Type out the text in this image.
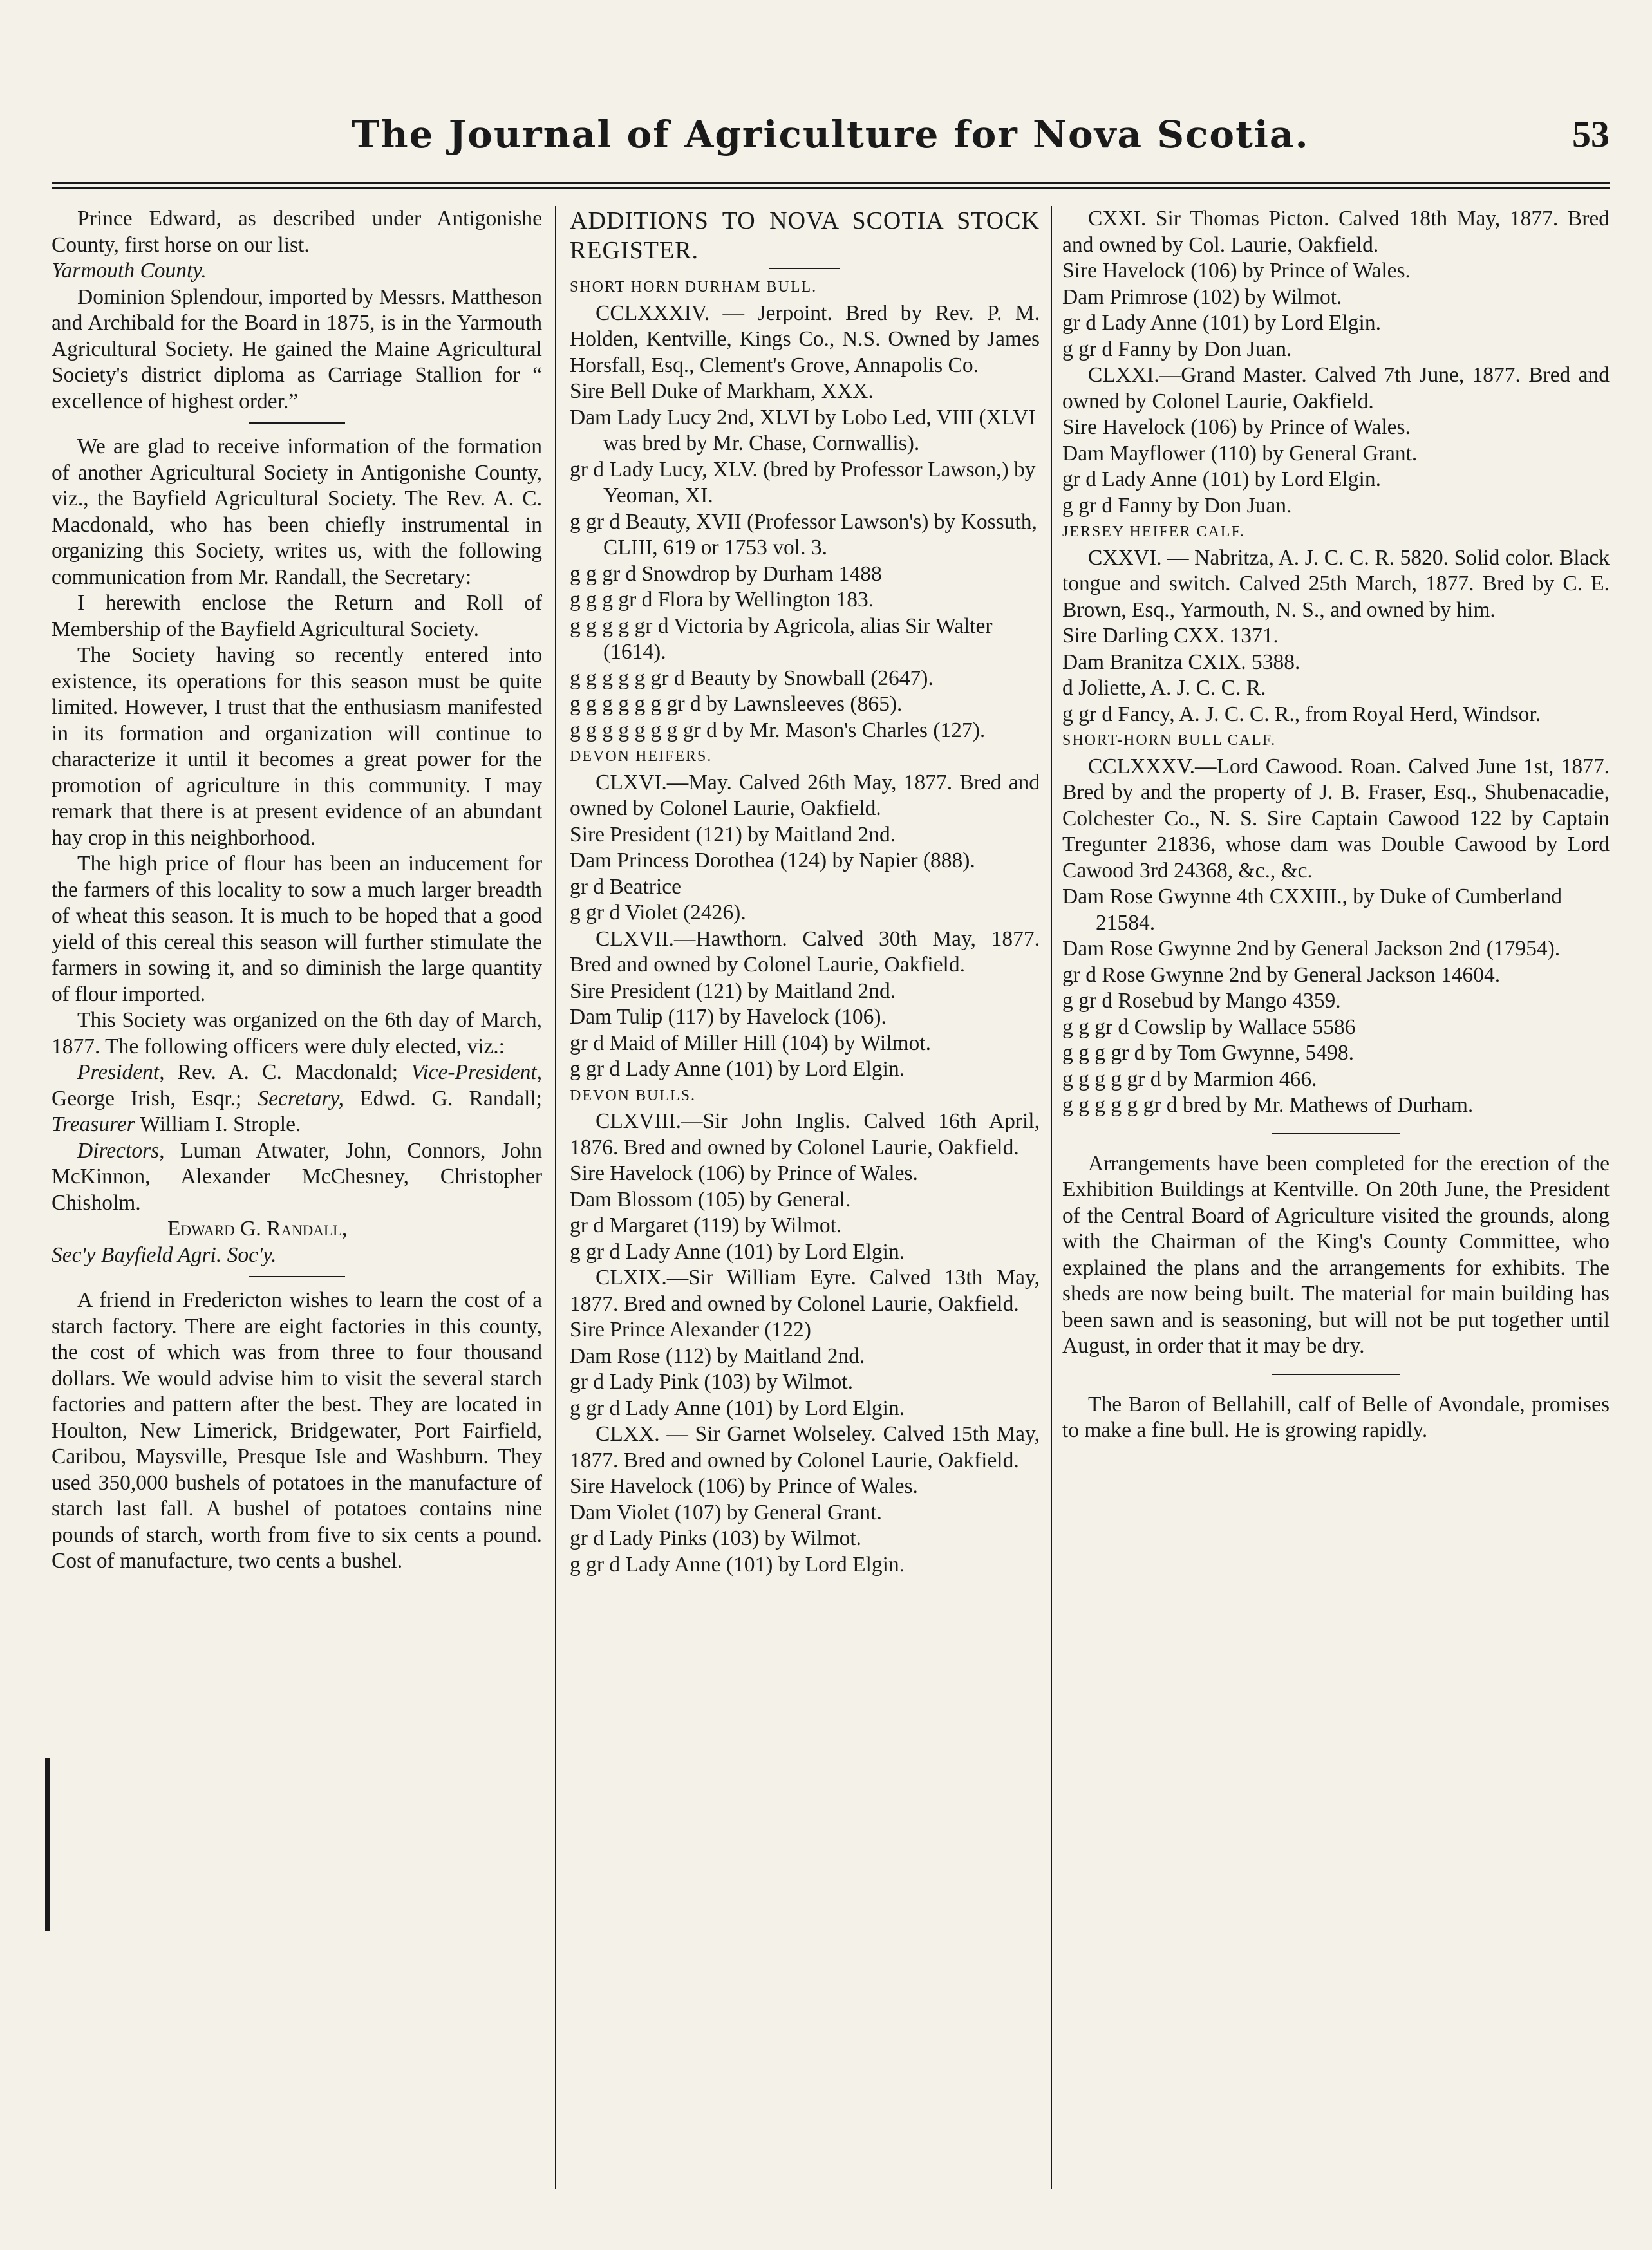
The Journal of Agriculture for Nova Scotia.	53

Prince Edward, as described under Antigonishe County, first horse on our list.

Yarmouth County.

Dominion Splendour, imported by Messrs. Mattheson and Archibald for the Board in 1875, is in the Yarmouth Agricultural Society. He gained the Maine Agricultural Society's district diploma as Carriage Stallion for “ excellence of highest order.”

We are glad to receive information of the formation of another Agricultural Society in Antigonishe County, viz., the Bayfield Agricultural Society. The Rev. A. C. Macdonald, who has been chiefly instrumental in organizing this Society, writes us, with the following communication from Mr. Randall, the Secretary:

I herewith enclose the Return and Roll of Membership of the Bayfield Agricultural Society.

The Society having so recently entered into existence, its operations for this season must be quite limited. However, I trust that the enthusiasm manifested in its formation and organization will continue to characterize it until it becomes a great power for the promotion of agriculture in this community. I may remark that there is at present evidence of an abundant hay crop in this neighborhood.

The high price of flour has been an inducement for the farmers of this locality to sow a much larger breadth of wheat this season. It is much to be hoped that a good yield of this cereal this season will further stimulate the farmers in sowing it, and so diminish the large quantity of flour imported.

This Society was organized on the 6th day of March, 1877. The following officers were duly elected, viz.:

President, Rev. A. C. Macdonald; Vice-President, George Irish, Esqr.; Secretary, Edwd. G. Randall; Treasurer William I. Strople.

Directors, Luman Atwater, John, Connors, John McKinnon, Alexander McChesney, Christopher Chisholm.

Edward G. Randall,

Sec'y Bayfield Agri. Soc'y.

A friend in Fredericton wishes to learn the cost of a starch factory. There are eight factories in this county, the cost of which was from three to four thousand dollars. We would advise him to visit the several starch factories and pattern after the best. They are located in Houlton, New Limerick, Bridgewater, Port Fairfield, Caribou, Maysville, Presque Isle and Washburn. They used 350,000 bushels of potatoes in the manufacture of starch last fall. A bushel of potatoes contains nine pounds of starch, worth from five to six cents a pound. Cost of manufacture, two cents a bushel.

ADDITIONS TO NOVA SCOTIA STOCK REGISTER.

SHORT HORN DURHAM BULL.

CCLXXXIV. — Jerpoint. Bred by Rev. P. M. Holden, Kentville, Kings Co., N.S. Owned by James Horsfall, Esq., Clement's Grove, Annapolis Co.

Sire Bell Duke of Markham, XXX.

Dam Lady Lucy 2nd, XLVI by Lobo Led, VIII (XLVI was bred by Mr. Chase, Cornwallis).

gr d Lady Lucy, XLV. (bred by Professor Lawson,) by Yeoman, XI.

g gr d Beauty, XVII (Professor Lawson's) by Kossuth, CLIII, 619 or 1753 vol. 3.

g g gr d Snowdrop by Durham 1488

g g g gr d Flora by Wellington 183.

g g g g gr d Victoria by Agricola, alias Sir Walter (1614).

g g g g g gr d Beauty by Snowball (2647).

g g g g g g gr d by Lawnsleeves (865).

g g g g g g g gr d by Mr. Mason's Charles (127).

DEVON HEIFERS.

CLXVI.—May. Calved 26th May, 1877. Bred and owned by Colonel Laurie, Oakfield.

Sire President (121) by Maitland 2nd.

Dam Princess Dorothea (124) by Napier (888).

gr d Beatrice

g gr d Violet (2426).

CLXVII.—Hawthorn. Calved 30th May, 1877. Bred and owned by Colonel Laurie, Oakfield.

Sire President (121) by Maitland 2nd.

Dam Tulip (117) by Havelock (106).

gr d Maid of Miller Hill (104) by Wilmot.

g gr d Lady Anne (101) by Lord Elgin.

DEVON BULLS.

CLXVIII.—Sir John Inglis. Calved 16th April, 1876. Bred and owned by Colonel Laurie, Oakfield.

Sire Havelock (106) by Prince of Wales.

Dam Blossom (105) by General.

gr d Margaret (119) by Wilmot.

g gr d Lady Anne (101) by Lord Elgin.

CLXIX.—Sir William Eyre. Calved 13th May, 1877. Bred and owned by Colonel Laurie, Oakfield.

Sire Prince Alexander (122)

Dam Rose (112) by Maitland 2nd.

gr d Lady Pink (103) by Wilmot.

g gr d Lady Anne (101) by Lord Elgin.

CLXX. — Sir Garnet Wolseley. Calved 15th May, 1877. Bred and owned by Colonel Laurie, Oakfield.

Sire Havelock (106) by Prince of Wales.

Dam Violet (107) by General Grant.

gr d Lady Pinks (103) by Wilmot.

g gr d Lady Anne (101) by Lord Elgin.

CXXI. Sir Thomas Picton. Calved 18th May, 1877. Bred and owned by Col. Laurie, Oakfield.

Sire Havelock (106) by Prince of Wales.

Dam Primrose (102) by Wilmot.

gr d Lady Anne (101) by Lord Elgin.

g gr d Fanny by Don Juan.

CLXXI.—Grand Master. Calved 7th June, 1877. Bred and owned by Colonel Laurie, Oakfield.

Sire Havelock (106) by Prince of Wales.

Dam Mayflower (110) by General Grant.

gr d Lady Anne (101) by Lord Elgin.

g gr d Fanny by Don Juan.

JERSEY HEIFER CALF.

CXXVI. — Nabritza, A. J. C. C. R. 5820. Solid color. Black tongue and switch. Calved 25th March, 1877. Bred by C. E. Brown, Esq., Yarmouth, N. S., and owned by him.

Sire Darling CXX. 1371.

Dam Branitza CXIX. 5388.

d Joliette, A. J. C. C. R.

g gr d Fancy, A. J. C. C. R., from Royal Herd, Windsor.

SHORT-HORN BULL CALF.

CCLXXXV.—Lord Cawood. Roan. Calved June 1st, 1877. Bred by and the property of J. B. Fraser, Esq., Shubenacadie, Colchester Co., N. S. Sire Captain Cawood 122 by Captain Tregunter 21836, whose dam was Double Cawood by Lord Cawood 3rd 24368, &c., &c.

Dam Rose Gwynne 4th CXXIII., by Duke of Cumberland 21584.

Dam Rose Gwynne 2nd by General Jackson 2nd (17954).

gr d Rose Gwynne 2nd by General Jackson 14604.

g gr d Rosebud by Mango 4359.

g g gr d Cowslip by Wallace 5586

g g g gr d by Tom Gwynne, 5498.

g g g g gr d by Marmion 466.

g g g g g gr d bred by Mr. Mathews of Durham.

Arrangements have been completed for the erection of the Exhibition Buildings at Kentville. On 20th June, the President of the Central Board of Agriculture visited the grounds, along with the Chairman of the King's County Committee, who explained the plans and the arrangements for exhibits. The sheds are now being built. The material for main building has been sawn and is seasoning, but will not be put together until August, in order that it may be dry.

The Baron of Bellahill, calf of Belle of Avondale, promises to make a fine bull. He is growing rapidly.
